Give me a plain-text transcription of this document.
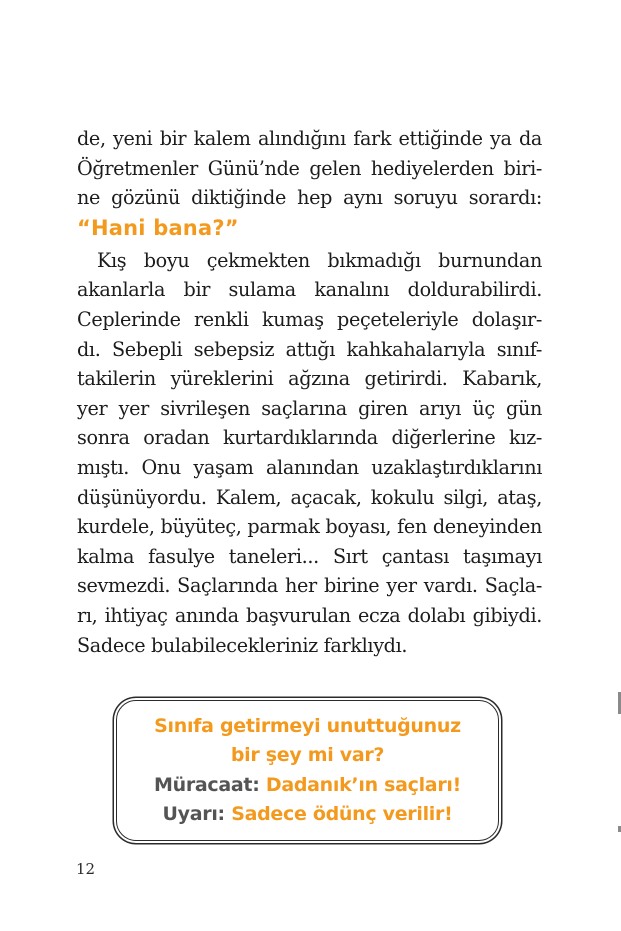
de, yeni bir kalem alındığını fark ettiğinde ya da
Öğretmenler Günü’nde gelen hediyelerden biri-
ne gözünü diktiğinde hep aynı soruyu sorardı:
“Hani bana?”
Kış boyu çekmekten bıkmadığı burnundan
akanlarla bir sulama kanalını doldurabilirdi.
Ceplerinde renkli kumaş peçeteleriyle dolaşır-
dı. Sebepli sebepsiz attığı kahkahalarıyla sınıf-
takilerin yüreklerini ağzına getirirdi. Kabarık,
yer yer sivrileşen saçlarına giren arıyı üç gün
sonra oradan kurtardıklarında diğerlerine kız-
mıştı. Onu yaşam alanından uzaklaştırdıklarını
düşünüyordu. Kalem, açacak, kokulu silgi, ataş,
kurdele, büyüteç, parmak boyası, fen deneyinden
kalma fasulye taneleri... Sırt çantası taşımayı
sevmezdi. Saçlarında her birine yer vardı. Saçla-
rı, ihtiyaç anında başvurulan ecza dolabı gibiydi.
Sadece bulabilecekleriniz farklıydı.
Sınıfa getirmeyi unuttuğunuz
bir şey mi var?
Müracaat: Dadanık’ın saçları!
Uyarı: Sadece ödünç verilir!
12
